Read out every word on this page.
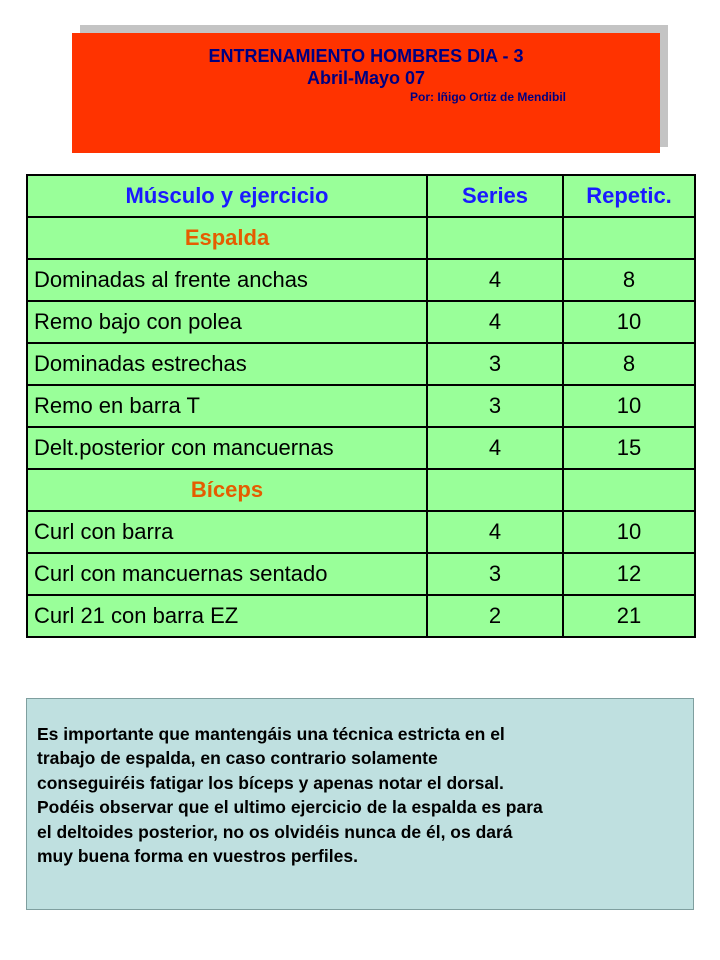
ENTRENAMIENTO HOMBRES DIA - 3
Abril-Mayo 07
Por: Iñigo Ortiz de Mendibil
Músculo y ejercicio	Series	Repetic.
Espalda		
Dominadas al frente anchas	4	8
Remo bajo con polea	4	10
Dominadas estrechas	3	8
Remo en barra T	3	10
Delt.posterior con mancuernas	4	15
Bíceps		
Curl con barra	4	10
Curl con mancuernas sentado	3	12
Curl 21 con barra EZ	2	21
Es importante que mantengáis una técnica estricta en el
trabajo de espalda, en caso contrario solamente
conseguiréis fatigar los bíceps y apenas notar el dorsal.
Podéis observar que el ultimo ejercicio de la espalda es para
el deltoides posterior, no os olvidéis nunca de él, os dará
muy buena forma en vuestros perfiles.
